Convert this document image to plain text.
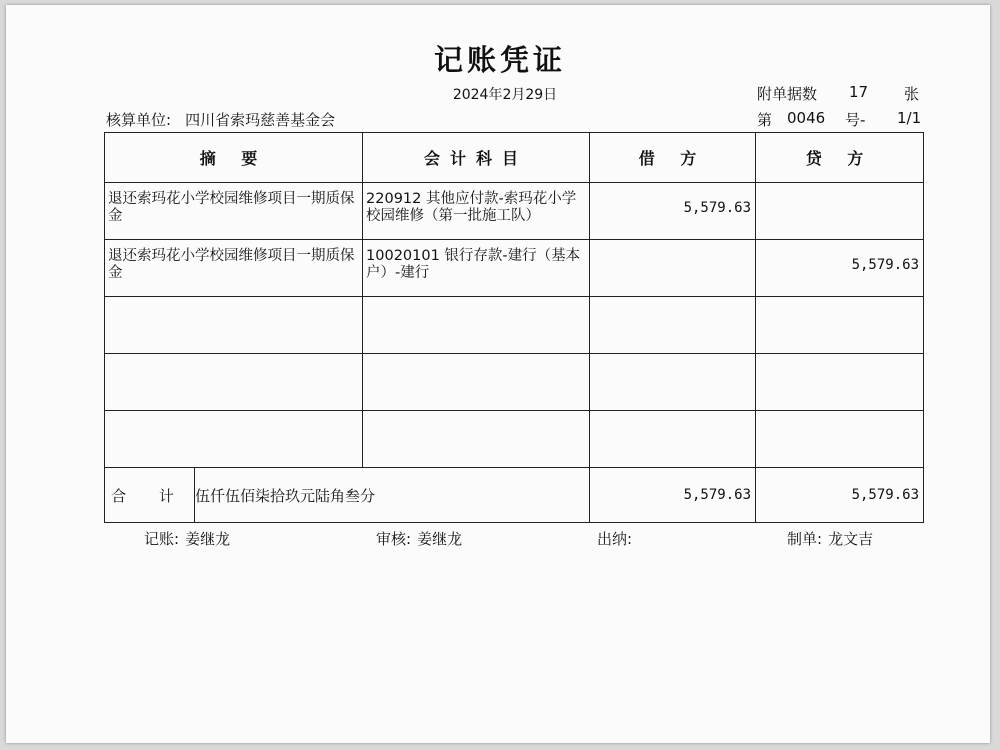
记账凭证
2024年2月29日	附单据数 17 张
核算单位: 四川省索玛慈善基金会	第 0046 号- 1/1
摘 要		会计科目	借 方	贷 方

退还索玛花小学校园维修项目一期质保金		220912 其他应付款-索玛花小学校园维修（第一批施工队）	5,579.63	

退还索玛花小学校园维修项目一期质保金		10020101 银行存款-建行（基本户）-建行		5,579.63

合 计	伍仟伍佰柒拾玖元陆角叁分		5,579.63	5,579.63
记账: 姜继龙	审核: 姜继龙	出纳:	制单: 龙文吉
